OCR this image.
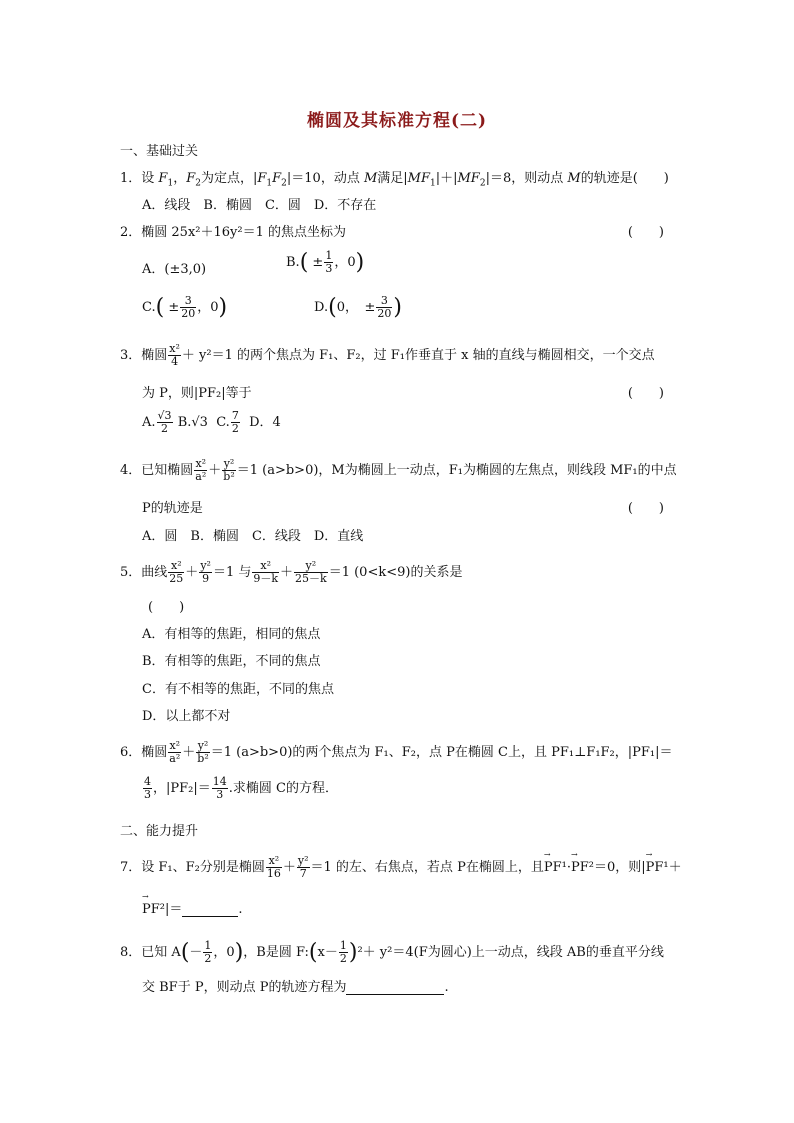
椭圆及其标准方程(二)
一、基础过关
1．设 $F_1$，$F_2$为定点，$|F_1F_2|=10$，动点 M满足$|MF_1|+|MF_2|=8$，则动点 M的轨迹是(　　)
A．线段　B．椭圆　C．圆　D．不存在
2．椭圆 25x²＋16y²＝1 的焦点坐标为	(　　)
A．(±3,0)	$B.( \pm \frac{1}{3}$ ，0)
$C.( \pm \frac{3}{20}$ ，0)	D.(0，　± $\frac{3}{20}$ )
3．椭圆 $\frac{\text{x²}}{4} + y^2=1$ 的两个焦点为 F₁、F₂，过 F₁作垂直于 x 轴的直线与椭圆相交，一个交点
为 P，则|PF₂|等于	(　　)
A. $\frac{√3}{2} B.√3$ C. $\frac{7}{2}$ D．4
4．已知椭圆 $\frac{\text{x²}}{\text{a²}} + \frac{\text{y²}}{\text{b²}} =1$ (a>b>0)，M为椭圆上一动点，F₁为椭圆的左焦点，则线段 MF₁的中点
P的轨迹是	(　　)
A．圆　B．椭圆　C．线段　D．直线
5．曲线 $\frac{\text{x²}}{25} + \frac{\text{y²}}{9} =1$ 与 $\frac{\text{x²}}{9-k} + \frac{\text{y²}}{25-k} =1$ (0<k<9)的关系是
(　　)
A．有相等的焦距，相同的焦点
B．有相等的焦距，不同的焦点
C．有不相等的焦距，不同的焦点
D．以上都不对
6．椭圆 $\frac{\text{x²}}{\text{a²}} + \frac{\text{y²}}{\text{b²}} =1$ (a>b>0)的两个焦点为 F₁、F₂，点 P在椭圆 C上，且 PF₁⊥F₁F₂，|PF₁|＝
$\frac{4}{3}$ ，$|PF_2|= \frac{14}{3}$ .求椭圆 C的方程．
二、能力提升
7．设 F₁、F₂分别是椭圆 $\frac{\text{x²}}{16} + \frac{\text{y²}}{7} =1$ 的左、右焦点，若点 P在椭圆上，且→ PF¹·→ PF²＝0，则|→ PF¹＋
→ PF²|＝	.
8．已知 $A(- \frac{1}{2}$ ，0)，B是圆 F:(x－ $\frac{1}{2} )^2+ y^2=4(F$为圆心)上一动点，线段 AB的垂直平分线
交 BF于 P，则动点 P的轨迹方程为	.
